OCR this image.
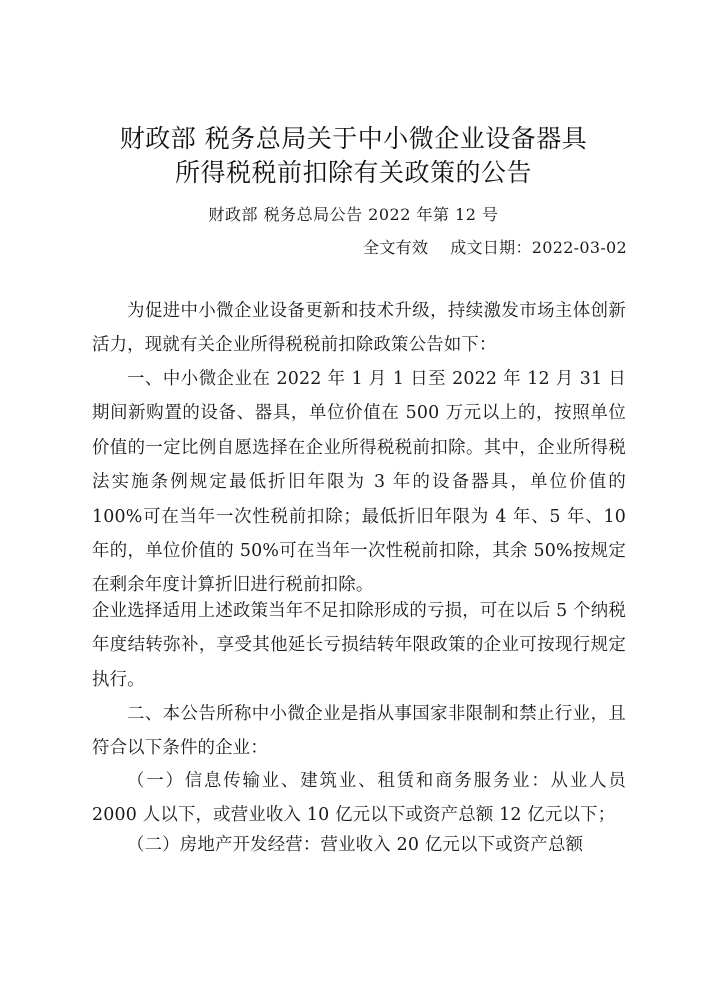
财政部 税务总局关于中小微企业设备器具
所得税税前扣除有关政策的公告
财政部 税务总局公告 2022 年第 12 号
全文有效 成文日期：2022-03-02

为促进中小微企业设备更新和技术升级，持续激发市场主体创新活力，现就有关企业所得税税前扣除政策公告如下：

一、中小微企业在 2022 年 1 月 1 日至 2022 年 12 月 31 日期间新购置的设备、器具，单位价值在 500 万元以上的，按照单位价值的一定比例自愿选择在企业所得税税前扣除。其中，企业所得税法实施条例规定最低折旧年限为 3 年的设备器具，单位价值的 100%可在当年一次性税前扣除；最低折旧年限为 4 年、5 年、10 年的，单位价值的 50%可在当年一次性税前扣除，其余 50%按规定在剩余年度计算折旧进行税前扣除。

企业选择适用上述政策当年不足扣除形成的亏损，可在以后 5 个纳税年度结转弥补，享受其他延长亏损结转年限政策的企业可按现行规定执行。

二、本公告所称中小微企业是指从事国家非限制和禁止行业，且符合以下条件的企业：

（一）信息传输业、建筑业、租赁和商务服务业：从业人员 2000 人以下，或营业收入 10 亿元以下或资产总额 12 亿元以下；

（二）房地产开发经营：营业收入 20 亿元以下或资产总额
